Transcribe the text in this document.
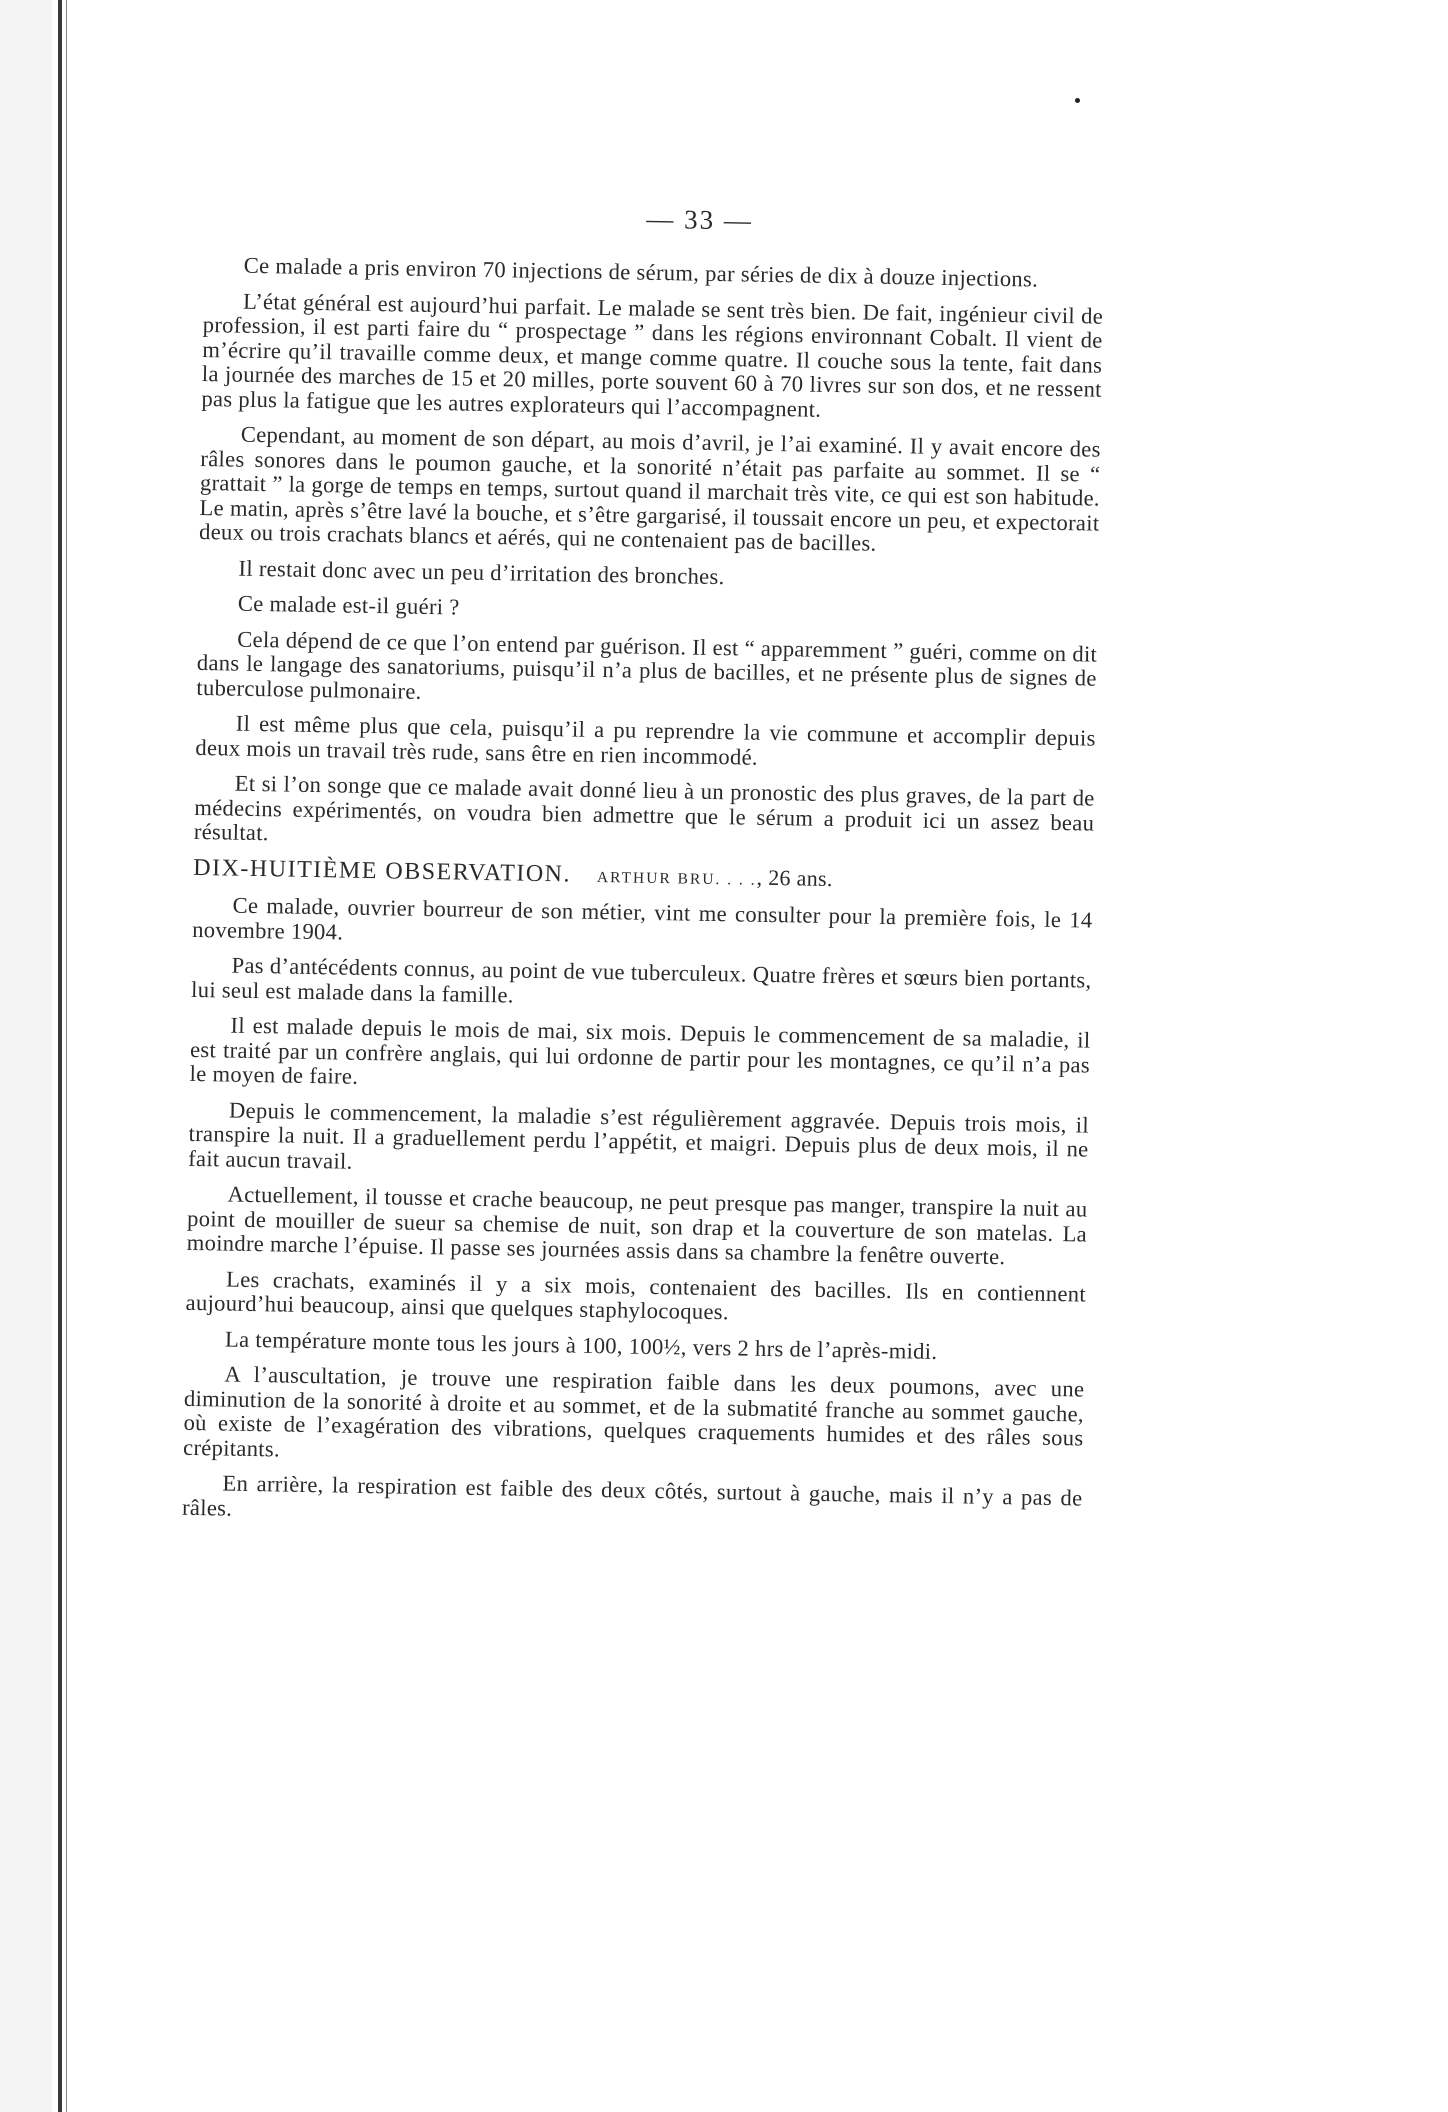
— 33 —

Ce malade a pris environ 70 injections de sérum, par séries de dix à douze injections.

L’état général est aujourd’hui parfait. Le malade se sent très bien. De fait, ingénieur civil de profession, il est parti faire du “ prospectage ” dans les régions environnant Cobalt. Il vient de m’écrire qu’il travaille comme deux, et mange comme quatre. Il couche sous la tente, fait dans la journée des marches de 15 et 20 milles, porte souvent 60 à 70 livres sur son dos, et ne ressent pas plus la fatigue que les autres explorateurs qui l’accompagnent.

Cependant, au moment de son départ, au mois d’avril, je l’ai examiné. Il y avait encore des râles sonores dans le poumon gauche, et la sonorité n’était pas parfaite au sommet. Il se “ grattait ” la gorge de temps en temps, surtout quand il marchait très vite, ce qui est son habitude. Le matin, après s’être lavé la bouche, et s’être gargarisé, il toussait encore un peu, et expectorait deux ou trois crachats blancs et aérés, qui ne contenaient pas de bacilles.

Il restait donc avec un peu d’irritation des bronches.

Ce malade est-il guéri ?

Cela dépend de ce que l’on entend par guérison. Il est “ apparemment ” guéri, comme on dit dans le langage des sanatoriums, puisqu’il n’a plus de bacilles, et ne présente plus de signes de tuberculose pulmonaire.

Il est même plus que cela, puisqu’il a pu reprendre la vie commune et accomplir depuis deux mois un travail très rude, sans être en rien incommodé.

Et si l’on songe que ce malade avait donné lieu à un pronostic des plus graves, de la part de médecins expérimentés, on voudra bien admettre que le sérum a produit ici un assez beau résultat.

DIX-HUITIÈME OBSERVATION. ARTHUR BRU. . . ., 26 ans.

Ce malade, ouvrier bourreur de son métier, vint me consulter pour la première fois, le 14 novembre 1904.

Pas d’antécédents connus, au point de vue tuberculeux. Quatre frères et sœurs bien portants, lui seul est malade dans la famille.

Il est malade depuis le mois de mai, six mois. Depuis le commencement de sa maladie, il est traité par un confrère anglais, qui lui ordonne de partir pour les montagnes, ce qu’il n’a pas le moyen de faire.

Depuis le commencement, la maladie s’est régulièrement aggravée. Depuis trois mois, il transpire la nuit. Il a graduellement perdu l’appétit, et maigri. Depuis plus de deux mois, il ne fait aucun travail.

Actuellement, il tousse et crache beaucoup, ne peut presque pas manger, transpire la nuit au point de mouiller de sueur sa chemise de nuit, son drap et la couverture de son matelas. La moindre marche l’épuise. Il passe ses journées assis dans sa chambre la fenêtre ouverte.

Les crachats, examinés il y a six mois, contenaient des bacilles. Ils en contiennent aujourd’hui beaucoup, ainsi que quelques staphylocoques.

La température monte tous les jours à 100, 100½, vers 2 hrs de l’après-midi.

A l’auscultation, je trouve une respiration faible dans les deux poumons, avec une diminution de la sonorité à droite et au sommet, et de la submatité franche au sommet gauche, où existe de l’exagération des vibrations, quelques craquements humides et des râles sous crépitants.

En arrière, la respiration est faible des deux côtés, surtout à gauche, mais il n’y a pas de râles.
